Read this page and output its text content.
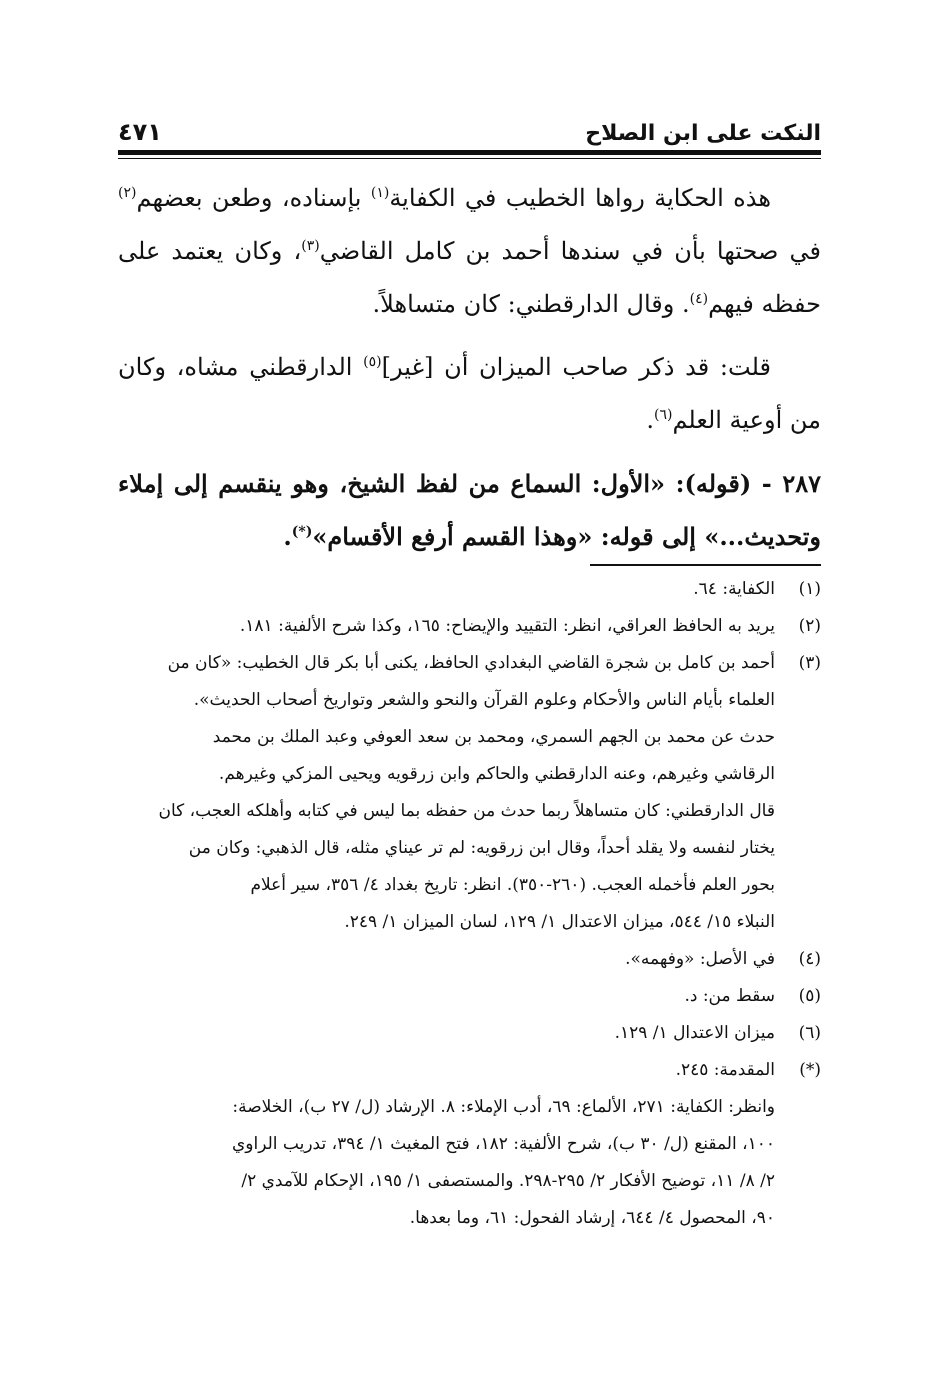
النكت على ابن الصلاح
٤٧١

هذه الحكاية رواها الخطيب في الكفاية$^{(١)}$ بإسناده، وطعن بعضهم$^{(٢)}$ في صحتها بأن في سندها أحمد بن كامل القاضي$^{(٣)}$، وكان يعتمد على حفظه فيهم$^{(٤)}$. وقال الدارقطني: كان متساهلاً.

قلت: قد ذكر صاحب الميزان أن [غير]$^{(٥)}$ الدارقطني مشاه، وكان من أوعية العلم$^{(٦)}$.

٢٨٧ - (قوله): «الأول: السماع من لفظ الشيخ، وهو ينقسم إلى إملاء وتحديث...» إلى قوله: «وهذا القسم أرفع الأقسام»(*).

(١)
الكفاية: ٦٤.
(٢)
يريد به الحافظ العراقي، انظر: التقييد والإيضاح: ١٦٥، وكذا شرح الألفية: ١٨١.
(٣)
أحمد بن كامل بن شجرة القاضي البغدادي الحافظ، يكنى أبا بكر قال الخطيب: «كان من
العلماء بأيام الناس والأحكام وعلوم القرآن والنحو والشعر وتواريخ أصحاب الحديث».
حدث عن محمد بن الجهم السمري، ومحمد بن سعد العوفي وعبد الملك بن محمد
الرقاشي وغيرهم، وعنه الدارقطني والحاكم وابن زرقويه ويحيى المزكي وغيرهم.
قال الدارقطني: كان متساهلاً ربما حدث من حفظه بما ليس في كتابه وأهلكه العجب، كان
يختار لنفسه ولا يقلد أحداً، وقال ابن زرقويه: لم تر عيناي مثله، قال الذهبي: وكان من
بحور العلم فأخمله العجب. (٢٦٠-٣٥٠). انظر: تاريخ بغداد ٤/ ٣٥٦، سير أعلام
النبلاء ١٥/ ٥٤٤، ميزان الاعتدال ١/ ١٢٩، لسان الميزان ١/ ٢٤٩.
(٤)
في الأصل: «وفهمه».
(٥)
سقط من: د.
(٦)
ميزان الاعتدال ١/ ١٢٩.
(*)
المقدمة: ٢٤٥.
وانظر: الكفاية: ٢٧١، الألماع: ٦٩، أدب الإملاء: ٨. الإرشاد (ل/ ٢٧ ب)، الخلاصة:
١٠٠، المقنع (ل/ ٣٠ ب)، شرح الألفية: ١٨٢، فتح المغيث ١/ ٣٩٤، تدريب الراوي
٢/ ٨/ ١١، توضيح الأفكار ٢/ ٢٩٥-٢٩٨. والمستصفى ١/ ١٩٥، الإحكام للآمدي ٢/
٩٠، المحصول ٤/ ٦٤٤، إرشاد الفحول: ٦١، وما بعدها.
